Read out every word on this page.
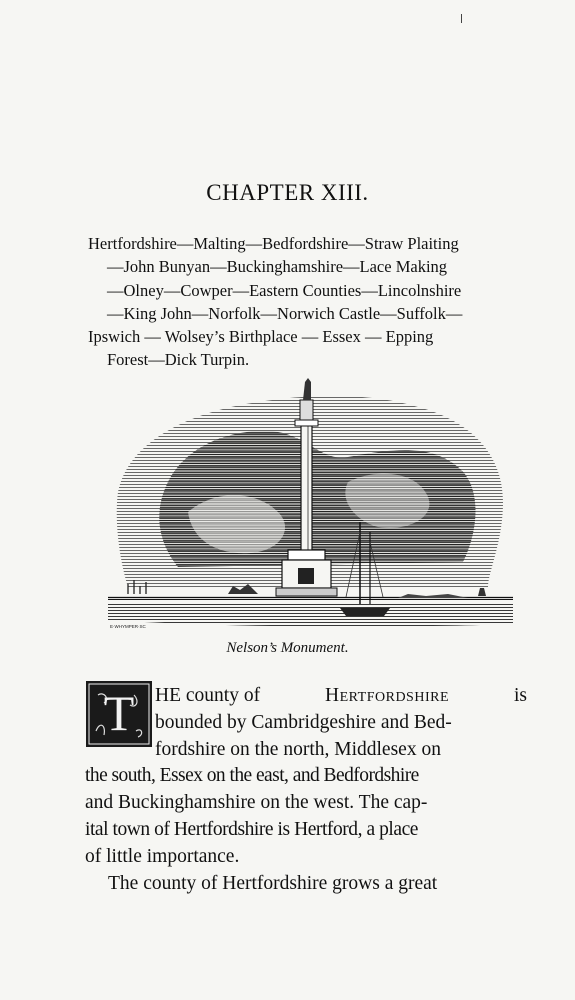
CHAPTER XIII.
Hertfordshire—Malting—Bedfordshire—Straw Plaiting
—John Bunyan—Buckinghamshire—Lace Making
—Olney—Cowper—Eastern Counties—Lincolnshire
—King John—Norfolk—Norwich Castle—Suffolk—
Ipswich — Wolsey’s Birthplace — Essex — Epping
Forest—Dick Turpin.
E·WHYMPER·SC
Nelson’s Monument.
T HE county of	Hertfordshire	is
bounded by Cambridgeshire and Bed-
fordshire on the north, Middlesex on
the south, Essex on the east, and Bedfordshire
and Buckinghamshire on the west. The cap-
ital town of Hertfordshire is Hertford, a place
of little importance.
The county of Hertfordshire grows a great
